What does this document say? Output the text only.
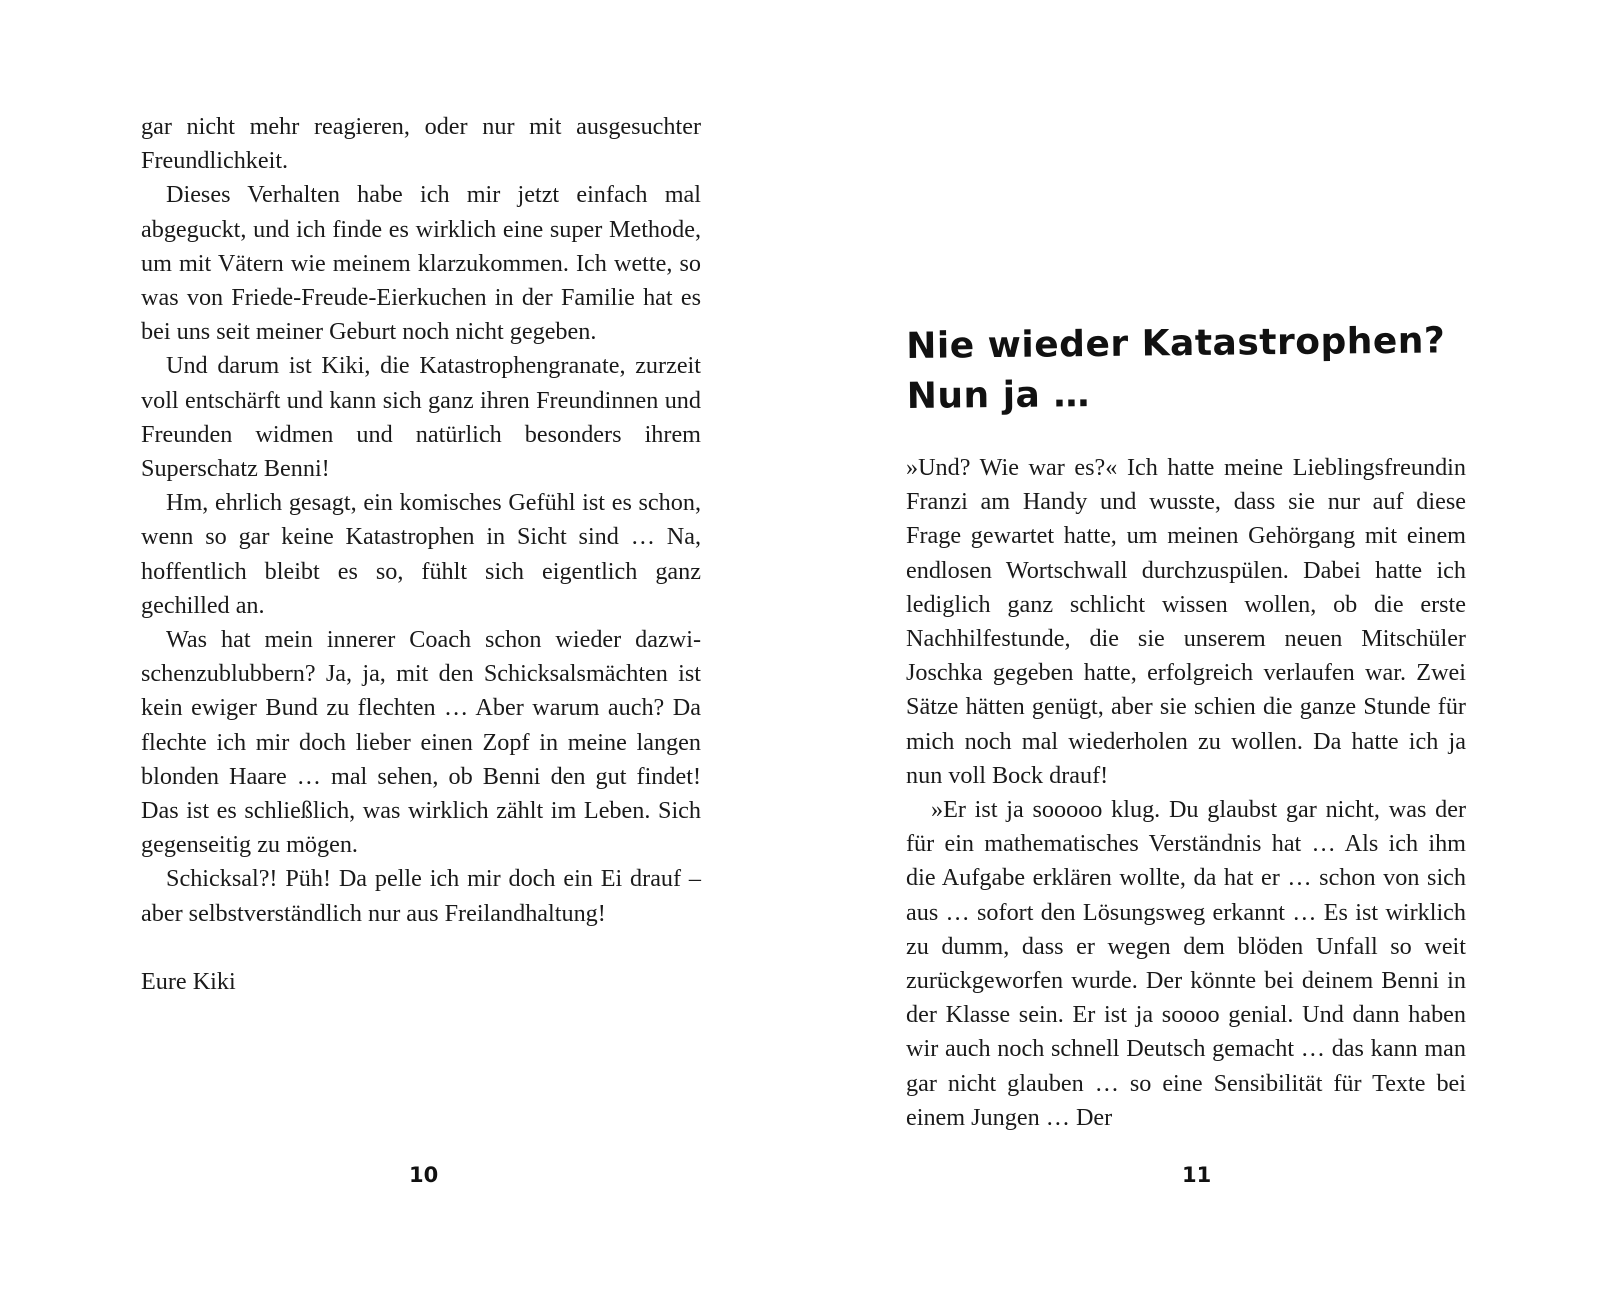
gar nicht mehr reagieren, oder nur mit ausgesuchter Freundlichkeit.

Dieses Verhalten habe ich mir jetzt einfach mal abgeguckt, und ich finde es wirklich eine super Methode, um mit Vätern wie meinem klarzukommen. Ich wette, so was von Friede-Freude-Eierkuchen in der Familie hat es bei uns seit meiner Geburt noch nicht gegeben.

Und darum ist Kiki, die Katastrophengranate, zurzeit voll entschärft und kann sich ganz ihren Freundinnen und Freunden widmen und natürlich besonders ihrem Superschatz Benni!

Hm, ehrlich gesagt, ein komisches Gefühl ist es schon, wenn so gar keine Katastrophen in Sicht sind … Na, hoffentlich bleibt es so, fühlt sich eigentlich ganz gechilled an.

Was hat mein innerer Coach schon wieder dazwischenzublubbern? Ja, ja, mit den Schicksalsmächten ist kein ewiger Bund zu flechten … Aber warum auch? Da flechte ich mir doch lieber einen Zopf in meine langen blonden Haare … mal sehen, ob Benni den gut findet! Das ist es schließlich, was wirklich zählt im Leben. Sich gegenseitig zu mögen.

Schicksal?! Püh! Da pelle ich mir doch ein Ei drauf – aber selbstverständlich nur aus Freilandhaltung!

Eure Kiki

10
Nie wieder Katastrophen?
Nun ja …

»Und? Wie war es?« Ich hatte meine Lieblingsfreundin Franzi am Handy und wusste, dass sie nur auf diese Frage gewartet hatte, um meinen Gehörgang mit einem endlosen Wortschwall durchzuspülen. Dabei hatte ich lediglich ganz schlicht wissen wollen, ob die erste Nachhilfestunde, die sie unserem neuen Mitschüler Joschka gegeben hatte, erfolgreich verlaufen war. Zwei Sätze hätten genügt, aber sie schien die ganze Stunde für mich noch mal wiederholen zu wollen. Da hatte ich ja nun voll Bock drauf!

»Er ist ja sooooo klug. Du glaubst gar nicht, was der für ein mathematisches Verständnis hat … Als ich ihm die Aufgabe erklären wollte, da hat er … schon von sich aus … sofort den Lösungsweg erkannt … Es ist wirklich zu dumm, dass er wegen dem blöden Unfall so weit zurückgeworfen wurde. Der könnte bei deinem Benni in der Klasse sein. Er ist ja soooo genial. Und dann haben wir auch noch schnell Deutsch gemacht … das kann man gar nicht glauben … so eine Sensibilität für Texte bei einem Jungen … Der

11
